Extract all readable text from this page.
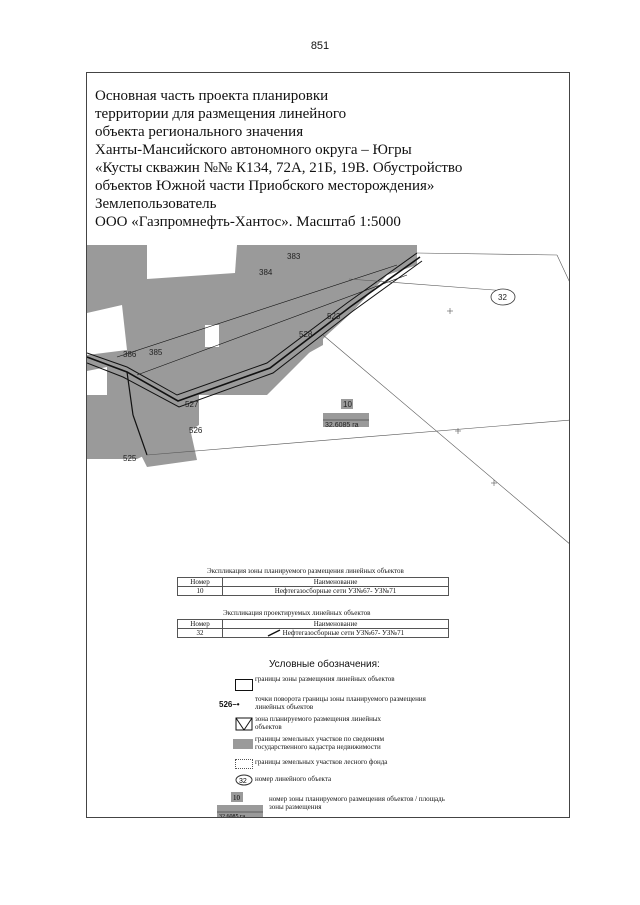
851
Основная часть проекта планировки
территории для размещения линейного
объекта регионального значения
Ханты-Мансийского автономного округа – Югры
«Кусты скважин №№ К134, 72А, 21Б, 19В. Обустройство
объектов Южной части Приобского месторождения»
Землепользователь
ООО «Газпромнефть-Хантос». Масштаб 1:5000
383
384
523
528
386 385
527
526
525
32
10
32.6085 га
Экспликация зоны планируемого размещения линейных объектов
Номер	Наименование
10	Нефтегазосборные сети УЗ№67- УЗ№71
Экспликация проектируемых линейных объектов
Номер	Наименование
32	Нефтегазосборные сети УЗ№67- УЗ№71
Условные обозначения:
границы зоны размещения линейных объектов
526–•
точки поворота границы зоны планируемого размещения линейных объектов
зона планируемого размещения линейных объектов
границы земельных участков по сведениям государственного кадастра недвижимости
границы земельных участков лесного фонда
32 номер линейного объекта
10
32.6085 га
номер зоны планируемого размещения объектов / площадь зоны размещения
